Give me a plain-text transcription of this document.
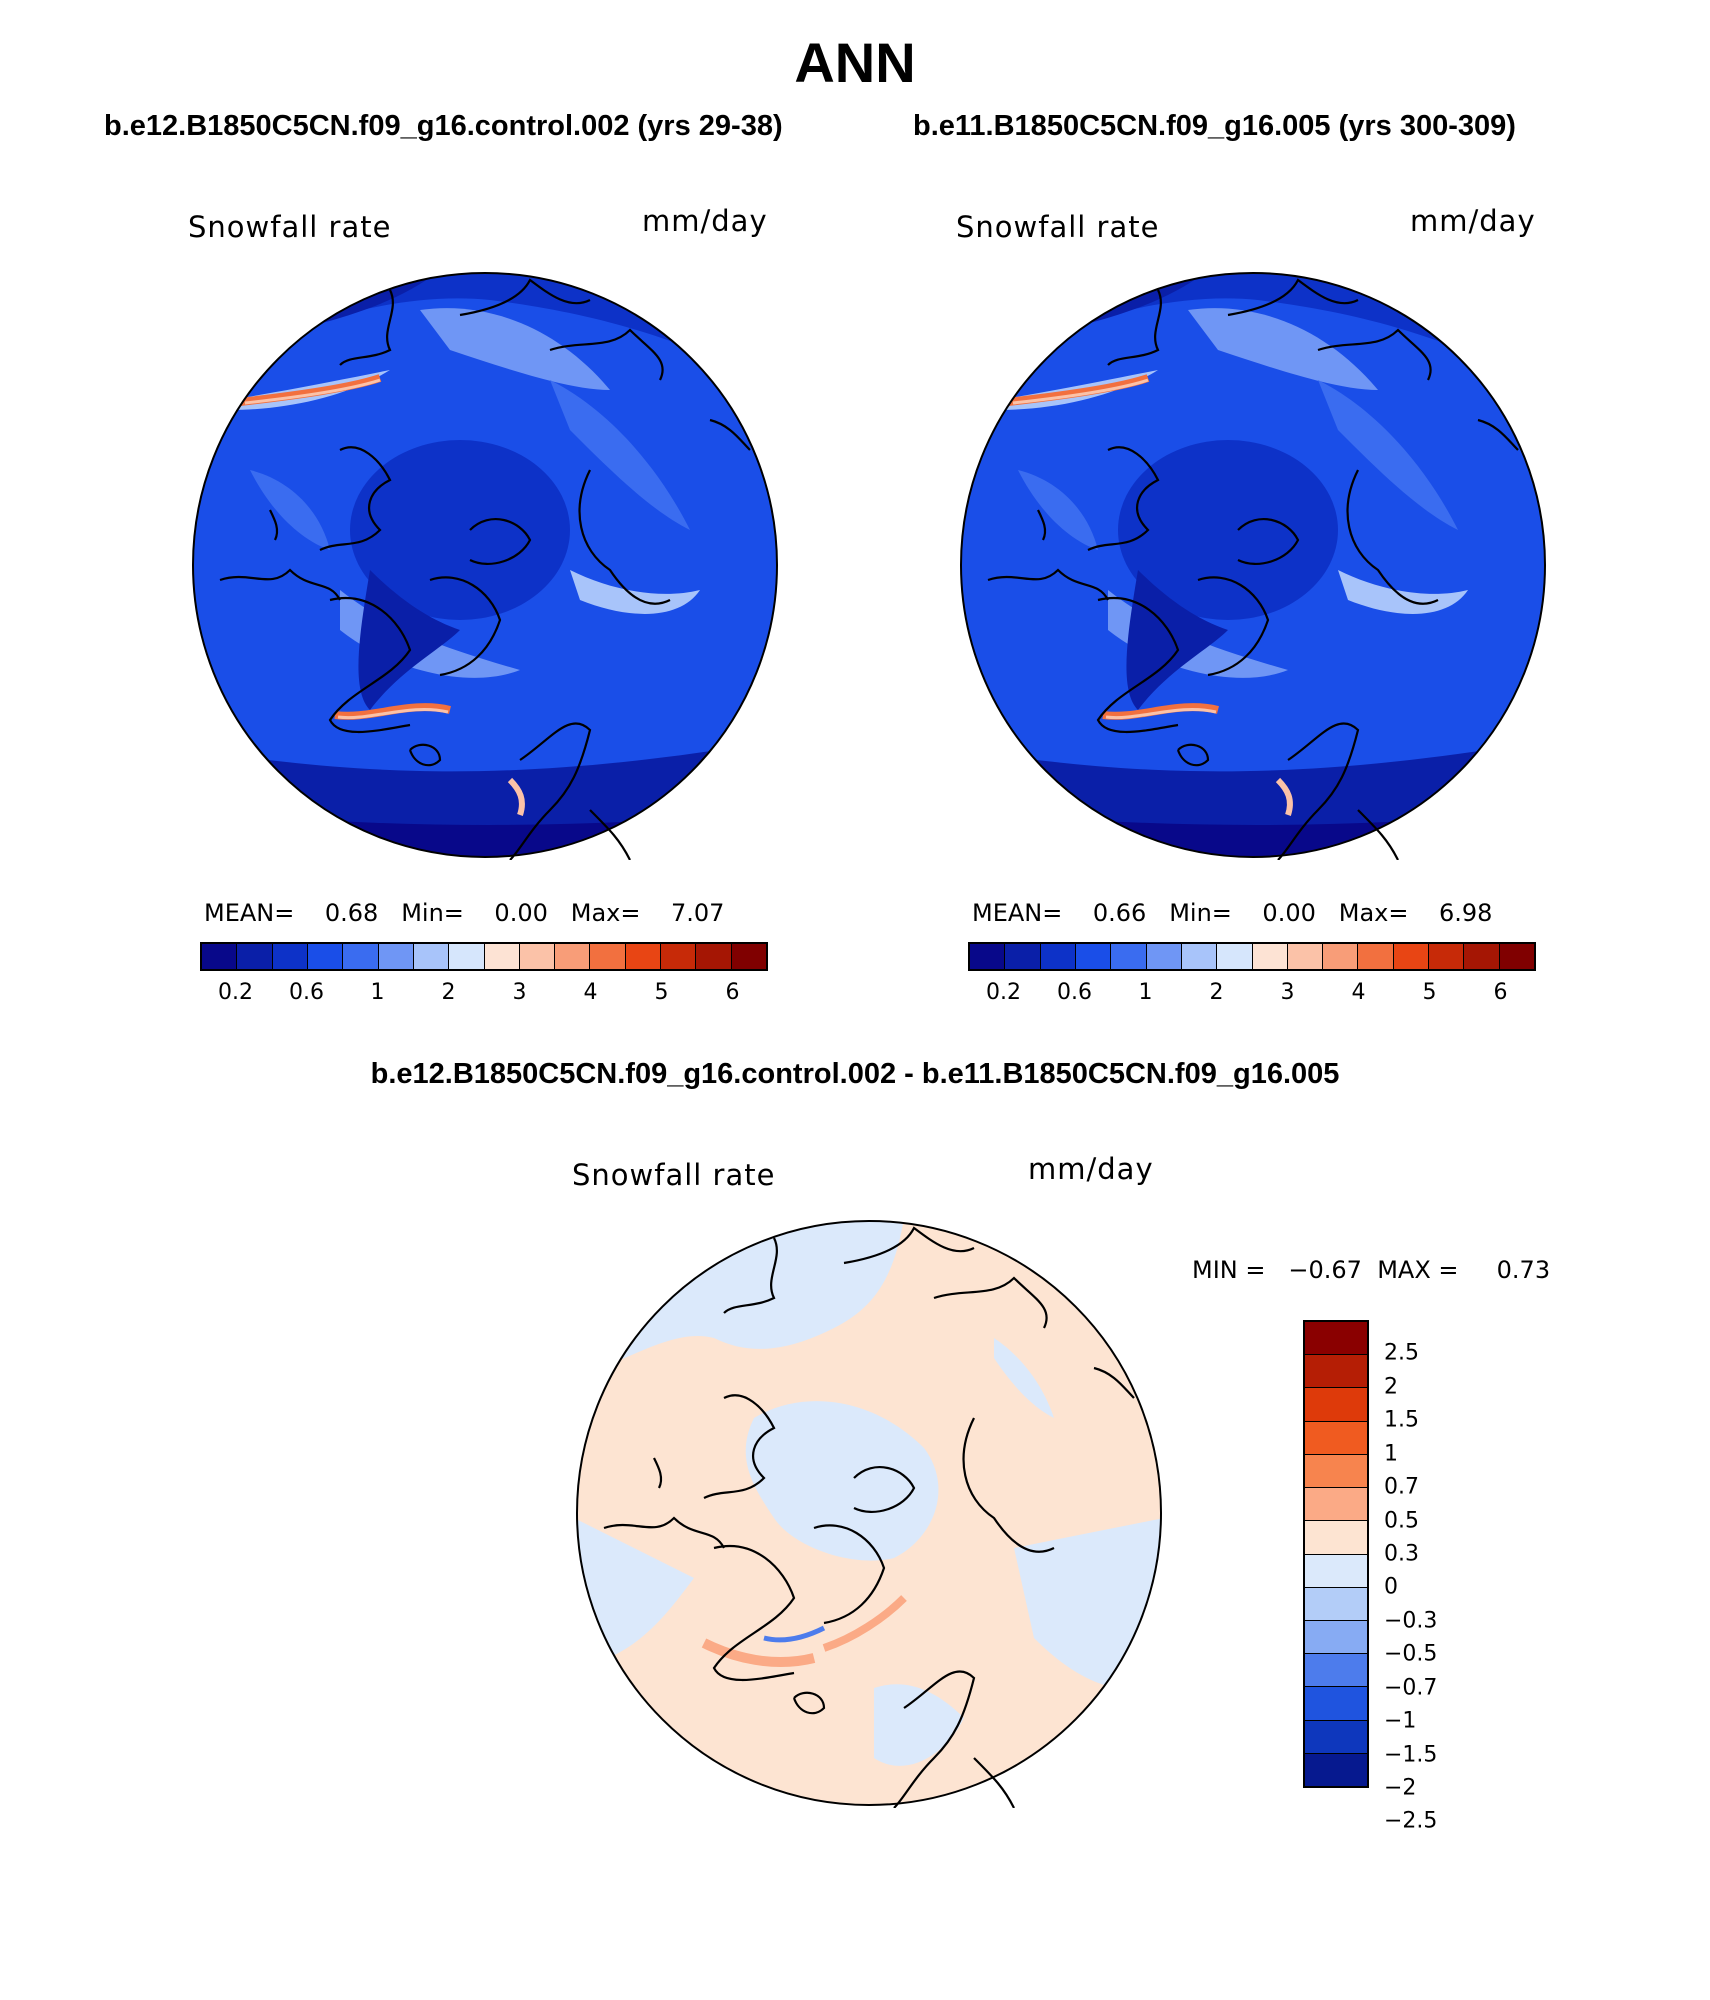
ANN
b.e12.B1850C5CN.f09_g16.control.002 (yrs 29-38)	b.e11.B1850C5CN.f09_g16.005 (yrs 300-309)
Snowfall rate	mm/day	Snowfall rate	mm/day
MEAN= 0.68 Min= 0.00 Max= 7.07	MEAN= 0.66 Min= 0.00 Max= 6.98
0.2 0.6 1	2	3	4	5	6	0.2 0.6 1	2	3	4	5	6
b.e12.B1850C5CN.f09_g16.control.002 - b.e11.B1850C5CN.f09_g16.005
Snowfall rate	mm/day
MIN = −0.67 MAX = 0.73
2.5
2
1.5
1
0.7
0.5
0.3
0
−0.3
−0.5
−0.7
−1
−1.5
−2
−2.5
